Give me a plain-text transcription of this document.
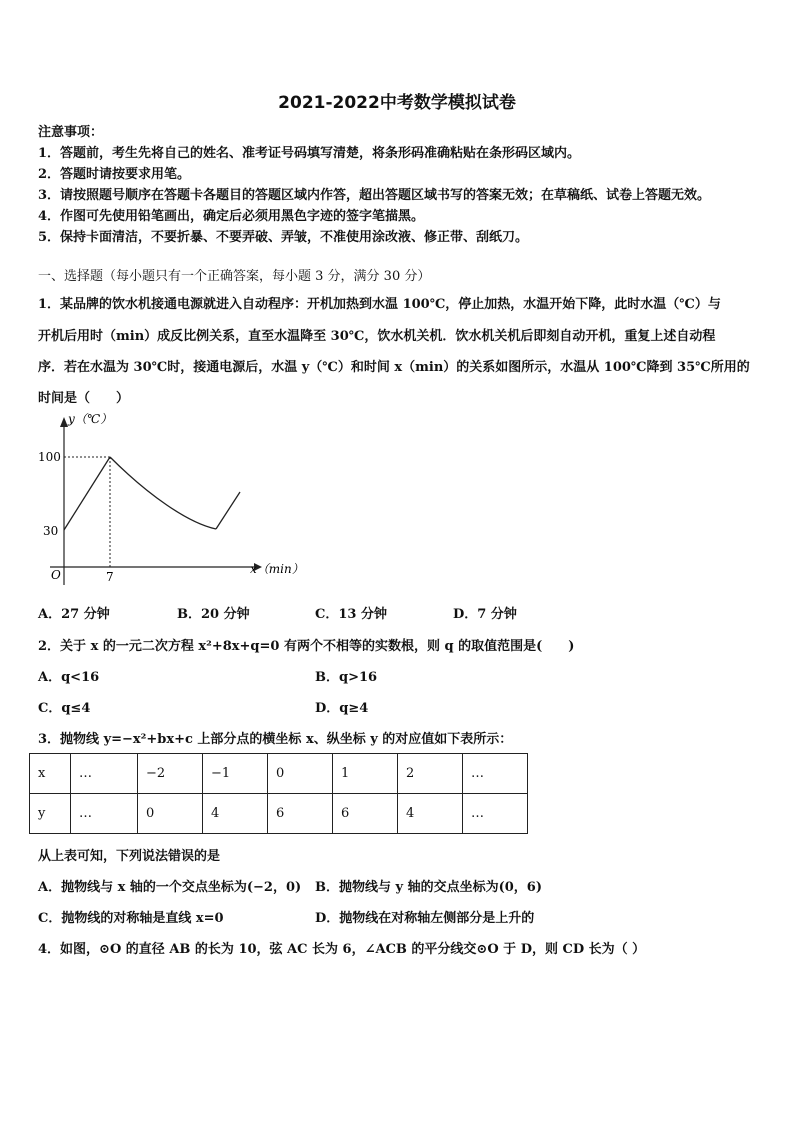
2021-2022中考数学模拟试卷
注意事项：
1．答题前，考生先将自己的姓名、准考证号码填写清楚，将条形码准确粘贴在条形码区域内。
2．答题时请按要求用笔。
3．请按照题号顺序在答题卡各题目的答题区域内作答，超出答题区域书写的答案无效；在草稿纸、试卷上答题无效。
4．作图可先使用铅笔画出，确定后必须用黑色字迹的签字笔描黑。
5．保持卡面清洁，不要折暴、不要弄破、弄皱，不准使用涂改液、修正带、刮纸刀。
一、选择题（每小题只有一个正确答案，每小题 3 分，满分 30 分）
1．某品牌的饮水机接通电源就进入自动程序：开机加热到水温 100℃，停止加热，水温开始下降，此时水温（℃）与
开机后用时（min）成反比例关系，直至水温降至 30℃，饮水机关机．饮水机关机后即刻自动开机，重复上述自动程
序．若在水温为 30℃时，接通电源后，水温 y（℃）和时间 x（min）的关系如图所示，水温从 100℃降到 35℃所用的
时间是（　　）
y（℃）
100
30
O	7
x（min）
A．27 分钟	B．20 分钟	C．13 分钟	D．7 分钟
2．关于 x 的一元二次方程 x²+8x+q=0 有两个不相等的实数根，则 q 的取值范围是(　　)
A．q<16	B．q>16
C．q≤4	D．q≥4
3．抛物线 y=−x²+bx+c 上部分点的横坐标 x、纵坐标 y 的对应值如下表所示：
x	…	−2	−1	0	1	2	…
y	…	0	4	6	6	4	…
从上表可知，下列说法错误的是
A．抛物线与 x 轴的一个交点坐标为(−2，0) B．抛物线与 y 轴的交点坐标为(0，6)
C．抛物线的对称轴是直线 x=0	D．抛物线在对称轴左侧部分是上升的
4．如图，⊙O 的直径 AB 的长为 10，弦 AC 长为 6，∠ACB 的平分线交⊙O 于 D，则 CD 长为（ ）
